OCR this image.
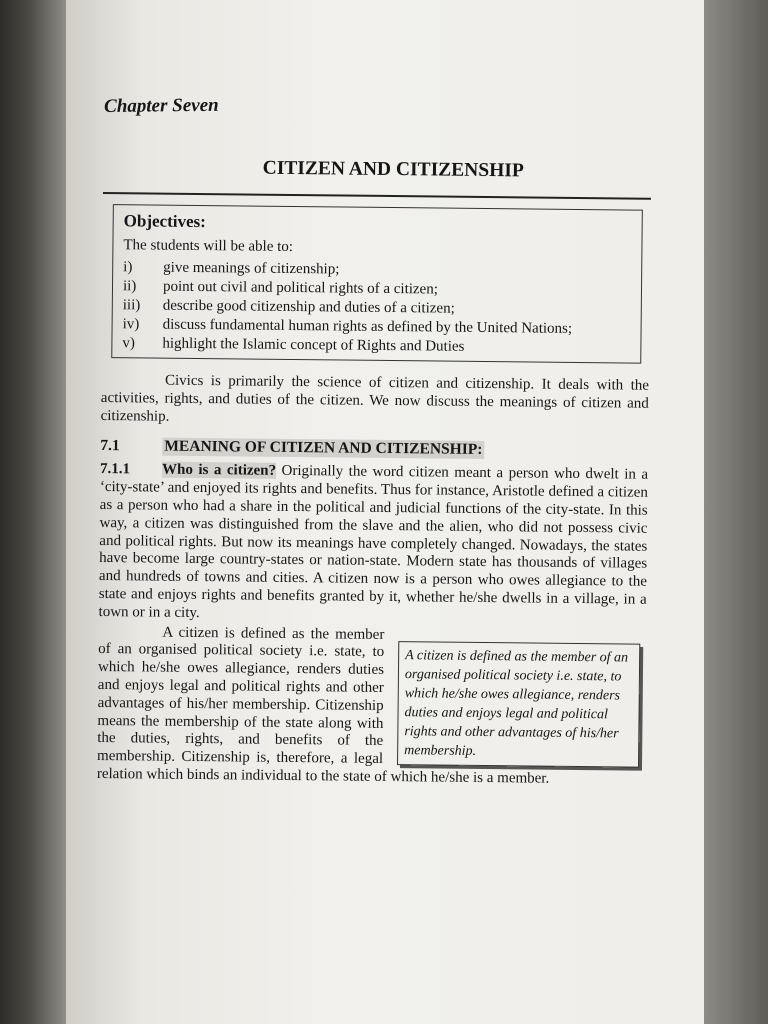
Chapter Seven

CITIZEN AND CITIZENSHIP
Objectives:

The students will be able to:

i)	give meanings of citizenship;
ii)	point out civil and political rights of a citizen;
iii)	describe good citizenship and duties of a citizen;
iv)	discuss fundamental human rights as defined by the United Nations;
v)	highlight the Islamic concept of Rights and Duties

Civics is primarily the science of citizen and citizenship. It deals with the activities, rights, and duties of the citizen. We now discuss the meanings of citizen and citizenship.

7.1	MEANING OF CITIZEN AND CITIZENSHIP:

7.1.1 Who is a citizen? Originally the word citizen meant a person who dwelt in a ‘city-state’ and enjoyed its rights and benefits. Thus for instance, Aristotle defined a citizen as a person who had a share in the political and judicial functions of the city-state. In this way, a citizen was distinguished from the slave and the alien, who did not possess civic and political rights. But now its meanings have completely changed. Nowadays, the states have become large country-states or nation-state. Modern state has thousands of villages and hundreds of towns and cities. A citizen now is a person who owes allegiance to the state and enjoys rights and benefits granted by it, whether he/she dwells in a village, in a town or in a city.

A citizen is defined as the member of an organised political society i.e. state, to which he/she owes allegiance, renders duties and enjoys legal and political rights and other advantages of his/her membership.

A citizen is defined as the member of an organised political society i.e. state, to which he/she owes allegiance, renders duties and enjoys legal and political rights and other advantages of his/her membership. Citizenship means the membership of the state along with the duties, rights, and benefits of the membership. Citizenship is, therefore, a legal relation which binds an individual to the state of which he/she is a member.
